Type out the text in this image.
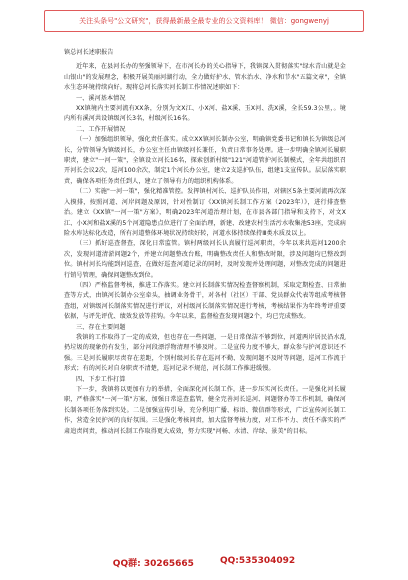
关注头条号"公文研究"，获得最新最全最专业的公文资料库！ 微信：gongwenyj

镇总河长述职报告

近年来，在县河长办的坚强领导下，在市河长办的关心指导下，我镇深入贯彻落实"绿水青山就是金山银山"的发展理念，积极开展美丽河湖行动，全力做好护水、管水治水、净水和节水"五篇文章"，全镇水生态环境持续向好。现将总河长落实河长制工作情况述职如下：

一、溪河基本情况

XX镇境内主要河流有XX条，分别为文X江、小X河、盐X溪、玉X河、洗X溪，全长59.3公里，。境内所有溪河共设镇级河长3名，村级河长16名。

二、工作开展情况

（一）加强组织领导，强化责任落实。成立XX镇河长制办公室，明确镇党委书记和镇长为镇级总河长，分管领导为镇级河长，办公室主任由镇级河长兼任，负责日常事务处理。进一步明确全镇河长履职职责，建立"一河一策"，全镇设立河长16名，探索创新村级"121"河道管护河长制模式，全年共组织召开河长会议2次，巡河100余次，制定1个河长办公室，建立2支巡护队伍，组建1支宣传队。层层落实职责，确保各项任务责任到人，建立了领导有力的组织机构体系。

（二）实施"一河一策"，强化精准管控。发挥镇村河长、巡护队员作用，对辖区5条主要河流再次深入摸排，按照河道、河岸问题及原因，针对性制订《XX镇河长制工作方案（2023年）》，进行排查整治。建立《XX镇"一河一策"方案》，明确2023年河道治理计划，在市县各部门指导和支持下，对文X江、小X河和盐X溪的5个河道隐患点位进行了全面治理，新建、改建农村生活污水收集池53座，完成病险水库达标化改造，所有河道整体环境状况持续好转，河道水体持续保持Ⅲ类水质及以上。

（三）抓好巡查督查，深化日常监管。镇村两级河长认真履行巡河职责，今年以来共巡河1200余次，发现河道清淤问题2个，并建立问题整改台账，明确整改责任人和整改时限，涉及问题均已整改到位。镇村河长均能到河巡查，在做好巡查河道记录的同时，及时发现并处理问题，对整改完成的问题进行销号管理，确保问题整改到位。

（四）严格监督考核，推进工作落实。建立河长制落实情况检查督察机制，采取定期检查、日常抽查等方式，由镇河长制办公室牵头，抽调业务骨干，对各村（社区）干部、党员群众代表等组成考核督查组，对镇级河长制落实情况进行评议，对村级河长制落实情况进行考核，考核结果作为年终考评重要依据，与评先评优、绩效发放等挂钩。今年以来，监督检查发现问题2个，均已完成整改。

三、存在主要问题

我镇的工作取得了一定的成效，但也存在一些问题，一是日常保洁不够到位，河道两岸居民沿水乱扔垃圾的现象仍有发生，部分河段漂浮物清理不够及时。二是宣传力度不够大，群众参与护河意识还不强。三是河长履职尽责存在差距，个别村级河长存在巡河不勤、发现问题不及时等问题，巡河工作流于形式；有的河长对自身职责不清楚，巡河记录不规范，河长制工作推进缓慢。

四、下步工作打算

下一步，我镇将以更加有力的举措，全面深化河长制工作，进一步压实河长责任。一是强化河长履职，严格落实"一河一策"方案，加强日常巡查监管，健全完善河长巡河、问题督办等工作机制，确保河长制各项任务落到实处。二是加强宣传引导，充分利用广播、标语、微信群等形式，广泛宣传河长制工作，营造全民护河的良好氛围。三是强化考核问责，加大监督考核力度，对工作不力、责任不落实的严肃追责问责，推动河长制工作取得更大成效，努力实现"河畅、水清、岸绿、景美"的目标。

QQ群: 30265665	QQ:535304092
